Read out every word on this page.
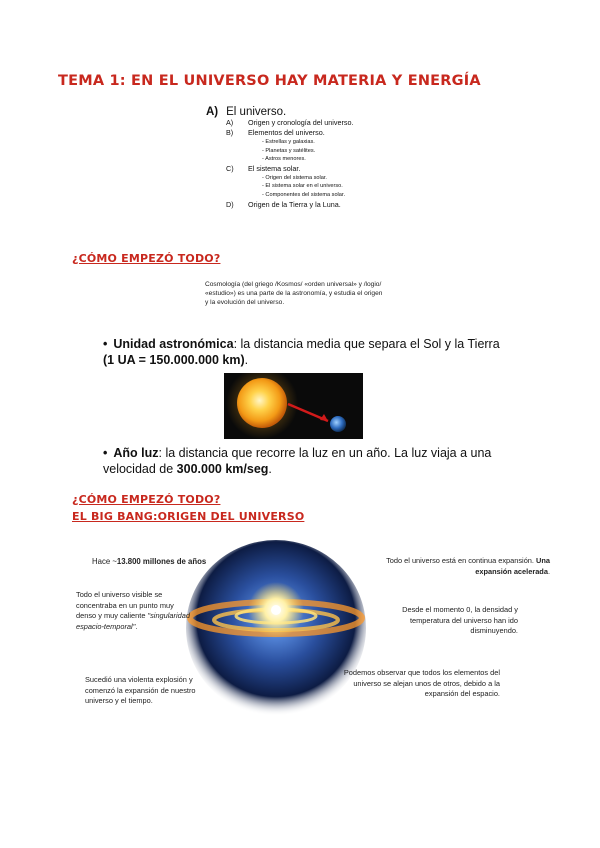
TEMA 1: EN EL UNIVERSO HAY MATERIA Y ENERGÍA
A) El universo.
A)	Origen y cronología del universo.
B)	Elementos del universo.
- Estrellas y galaxias.
- Planetas y satélites.
- Astros menores.
C)	El sistema solar.
- Origen del sistema solar.
- El sistema solar en el universo.
- Componentes del sistema solar.
D)	Origen de la Tierra y la Luna.
¿CÓMO EMPEZÓ TODO?
Cosmología (del griego /Kosmos/ «orden universal» y /logio/ «estudio») es una parte de la astronomía, y estudia el origen y la evolución del universo.
• Unidad astronómica: la distancia media que separa el Sol y la Tierra
(1 UA = 150.000.000 km).
• Año luz: la distancia que recorre la luz en un año. La luz viaja a una velocidad de 300.000 km/seg.
¿CÓMO EMPEZÓ TODO?
EL BIG BANG:ORIGEN DEL UNIVERSO
Hace ~13.800 millones de años	Todo el universo está en continua expansión. Una expansión acelerada.
Todo el universo visible se concentraba en un punto muy denso y muy caliente "singularidad espacio-temporal".
Desde el momento 0, la densidad y temperatura del universo han ido disminuyendo.
Sucedió una violenta explosión y comenzó la expansión de nuestro universo y el tiempo.
Podemos observar que todos los elementos del universo se alejan unos de otros, debido a la expansión del espacio.
